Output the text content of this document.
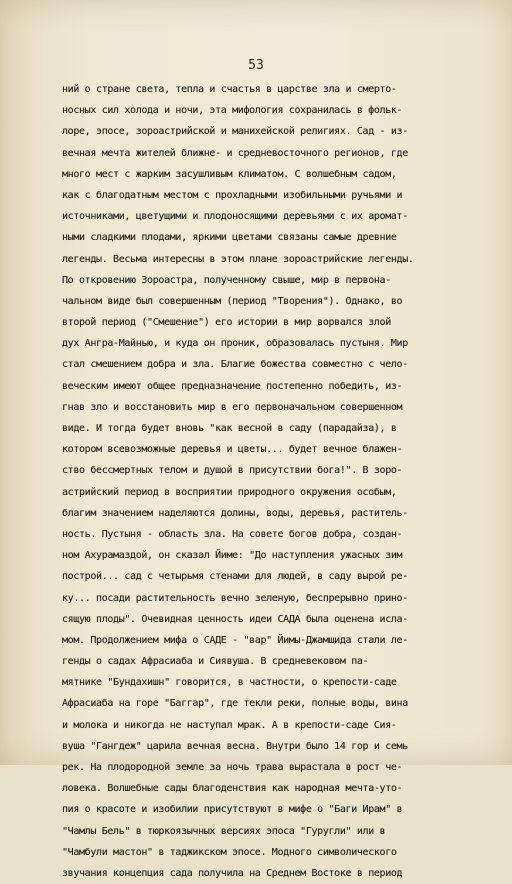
53
ний о стране света, тепла и счастья в царстве зла и смерто-
носных сил холода и ночи, эта мифология сохранилась в фольк-
лоре, эпосе, зороастрийской и манихейской религиях. Сад - из-
вечная мечта жителей ближне- и средневосточного регионов, где
много мест с жарким засушливым климатом. С волшебным садом,
как с благодатным местом с прохладными изобильными ручьями и
источниками, цветущими и плодоносящими деревьями с их аромат-
ными сладкими плодами, яркими цветами связаны самые древние
легенды. Весьма интересны в этом плане зороастрийские легенды.
По откровению Зороастра, полученному свыше, мир в первона-
чальном виде был совершенным (период "Творения"). Однако, во
второй период ("Смешение") его истории в мир ворвался злой
дух Ангра-Майнью, и куда он проник, образовалась пустыня. Мир
стал смешением добра и зла. Благие божества совместно с чело-
веческим имеют общее предназначение постепенно победить, из-
гнав зло и восстановить мир в его первоначальном совершенном
виде. И тогда будет вновь "как весной в саду (парадайза), в
котором всевозможные деревья и цветы... будет вечное блажен-
ство бессмертных телом и душой в присутствии бога!". В зоро-
астрийский период в восприятии природного окружения особым,
благим значением наделяются долины, воды, деревья, раститель-
ность. Пустыня - область зла. На совете богов добра, создан-
ном Ахурамаздой, он сказал Йиме: "До наступления ужасных зим
построй... сад с четырьмя стенами для людей, в саду вырой ре-
ку... посади растительность вечно зеленую, беспрерывно прино-
сящую плоды". Очевидная ценность идеи САДА была оценена исла-
мом. Продолжением мифа о САДЕ - "вар" Йимы-Джамшида стали ле-
генды о садах Афрасиаба и Сиявуша. В средневековом па-
мятнике "Бундахишн" говорится, в частности, о крепости-саде
Афрасиаба на горе "Баггар", где текли реки, полные воды, вина
и молока и никогда не наступал мрак. А в крепости-саде Сия-
вуша "Гангдеж" царила вечная весна. Внутри было 14 гор и семь
рек. На плодородной земле за ночь трава вырастала в рост че-
ловека. Волшебные сады благоденствия как народная мечта-уто-
пия о красоте и изобилии присутствуют в мифе о "Баги Ирам" в
"Чамлы Бель" в тюркоязычных версиях эпоса "Гуругли" или в
"Чамбули мастон" в таджикском эпосе. Модного символического
звучания концепция сада получила на Среднем Востоке в период
